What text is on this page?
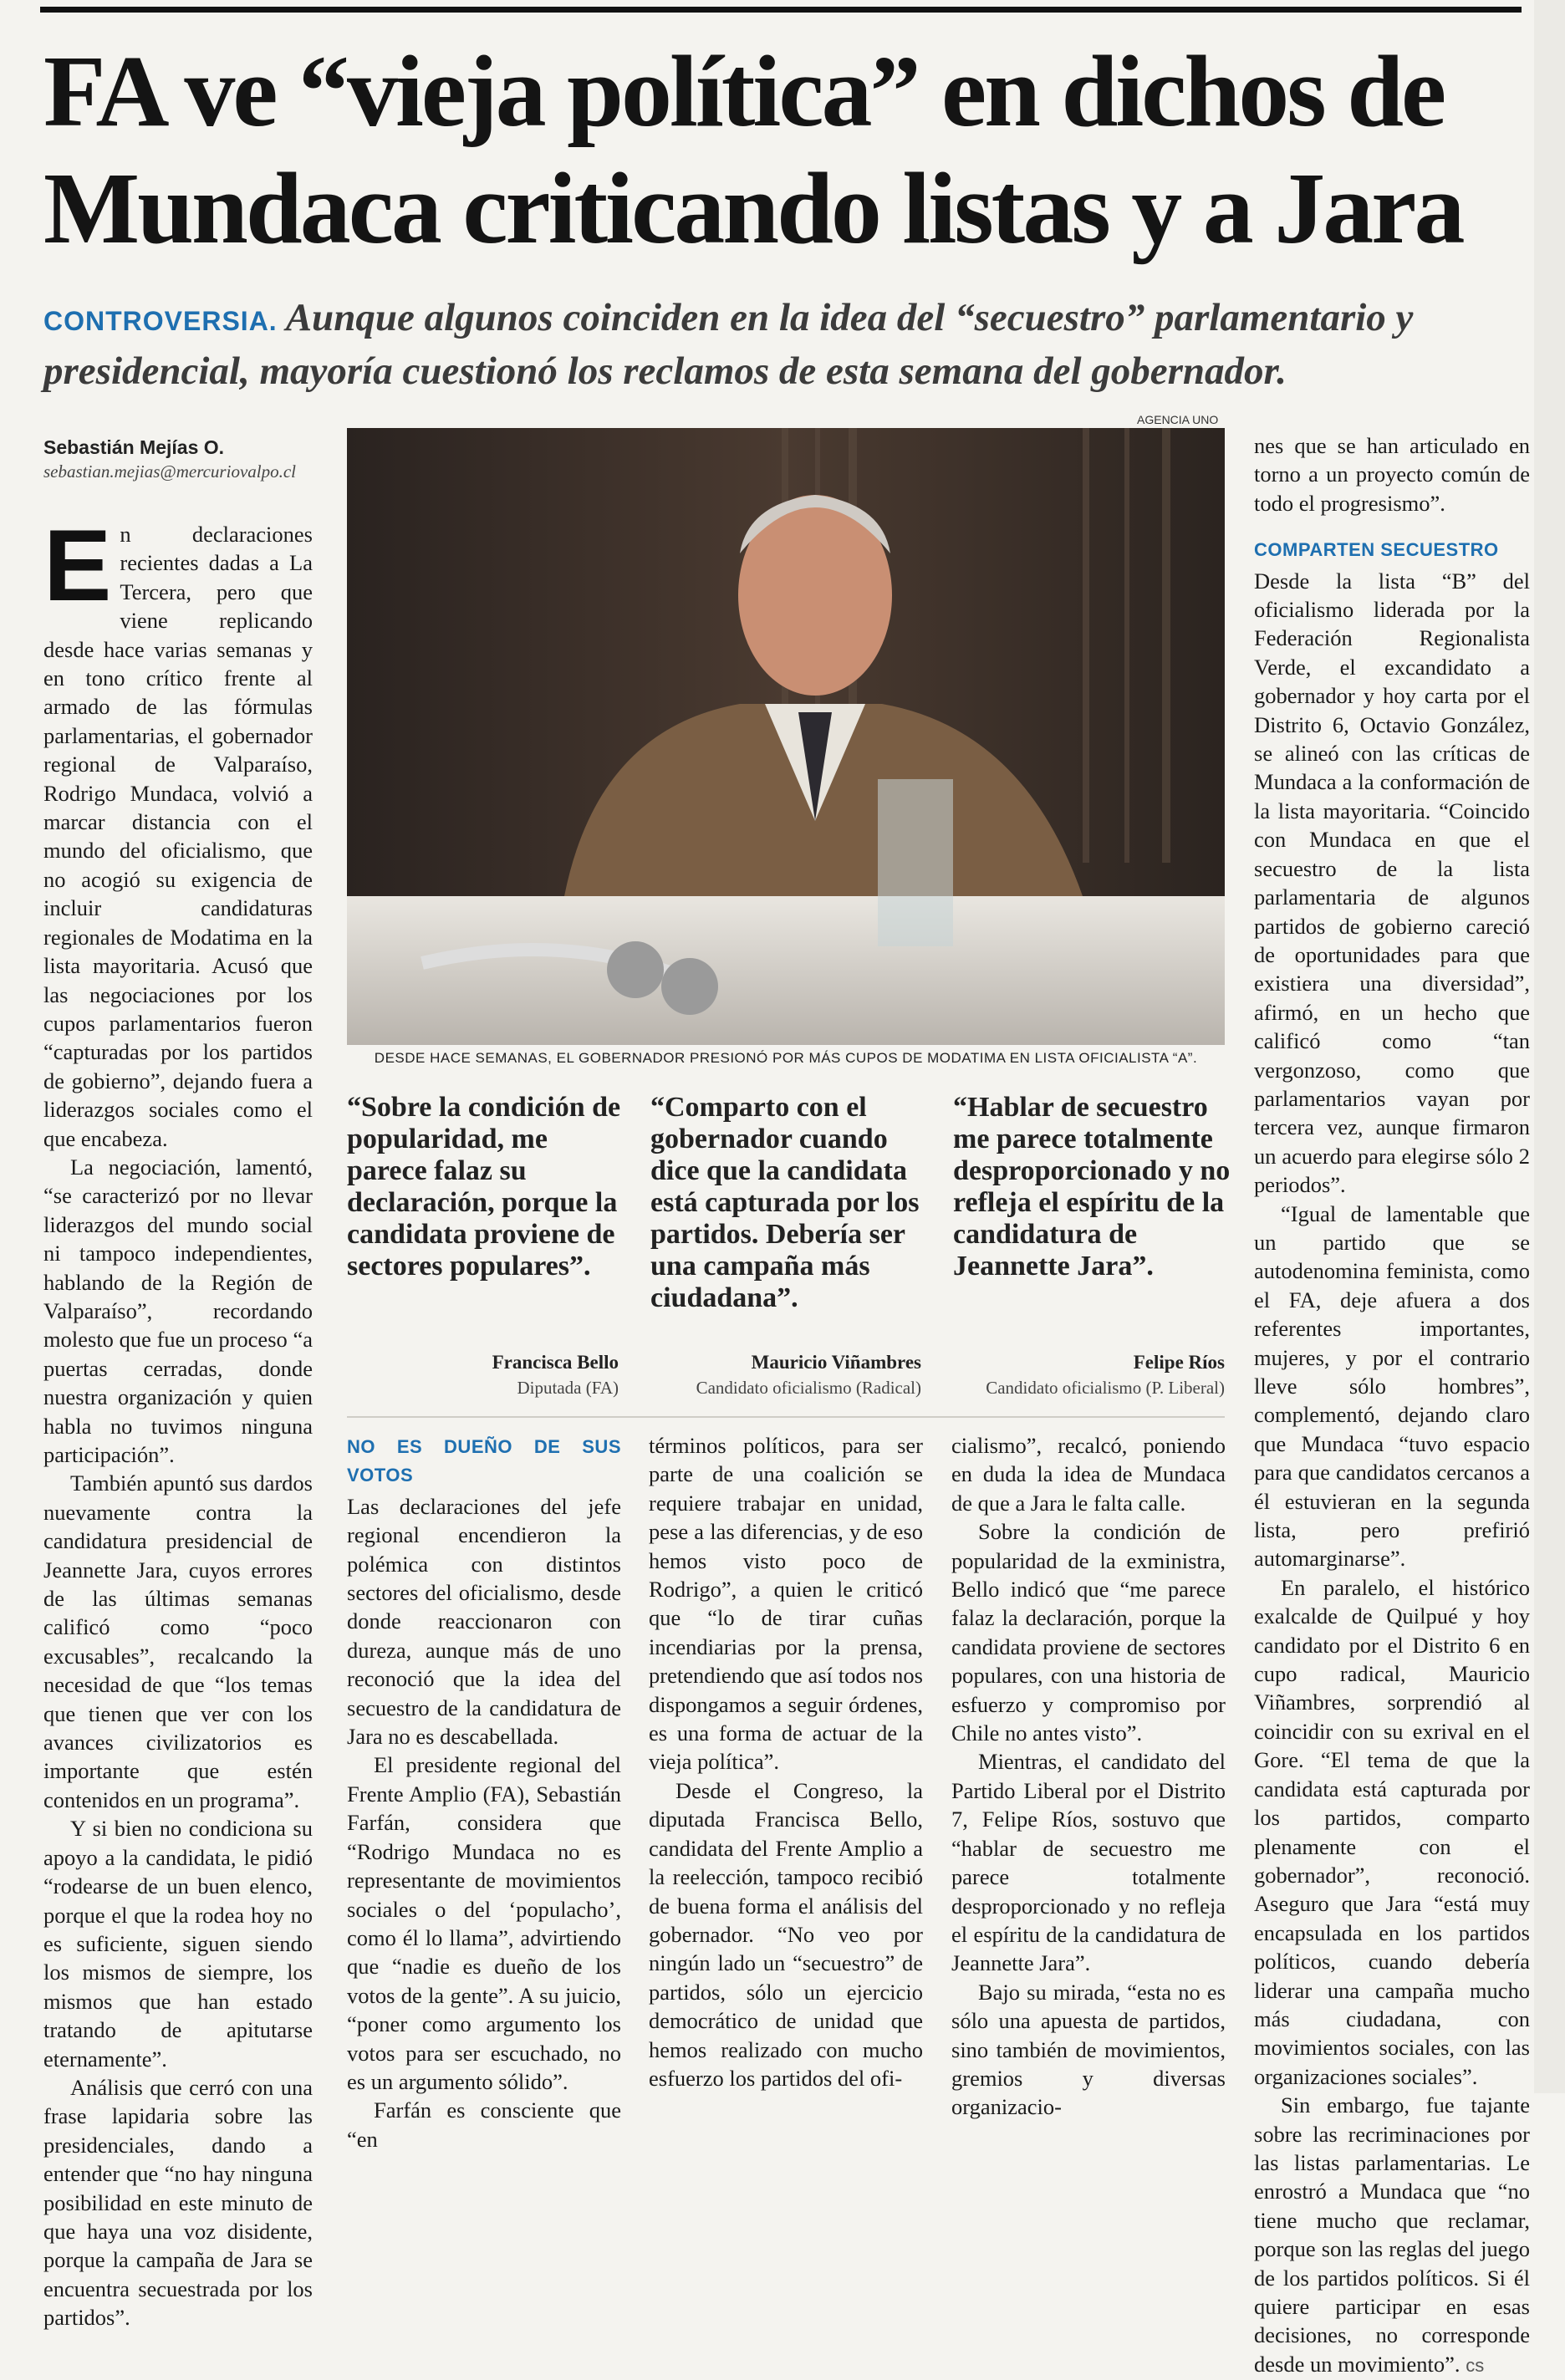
FA ve “vieja política” en dichos de Mundaca criticando listas y a Jara
CONTROVERSIA. Aunque algunos coinciden en la idea del “secuestro” parlamentario y presidencial, mayoría cuestionó los reclamos de esta semana del gobernador.
Sebastián Mejías O.
sebastian.mejias@mercuriovalpo.cl

En declaraciones recientes dadas a La Tercera, pero que viene replicando desde hace varias semanas y en tono crítico frente al armado de las fórmulas parlamentarias, el gobernador regional de Valparaíso, Rodrigo Mundaca, volvió a marcar distancia con el mundo del oficialismo, que no acogió su exigencia de incluir candidaturas regionales de Modatima en la lista mayoritaria. Acusó que las negociaciones por los cupos parlamentarios fueron “capturadas por los partidos de gobierno”, dejando fuera a liderazgos sociales como el que encabeza.

La negociación, lamentó, “se caracterizó por no llevar liderazgos del mundo social ni tampoco independientes, hablando de la Región de Valparaíso”, recordando molesto que fue un proceso “a puertas cerradas, donde nuestra organización y quien habla no tuvimos ninguna participación”.

También apuntó sus dardos nuevamente contra la candidatura presidencial de Jeannette Jara, cuyos errores de las últimas semanas calificó como “poco excusables”, recalcando la necesidad de que “los temas que tienen que ver con los avances civilizatorios es importante que estén contenidos en un programa”.

Y si bien no condiciona su apoyo a la candidata, le pidió “rodearse de un buen elenco, porque el que la rodea hoy no es suficiente, siguen siendo los mismos de siempre, los mismos que han estado tratando de apitutarse eternamente”.

Análisis que cerró con una frase lapidaria sobre las presidenciales, dando a entender que “no hay ninguna posibilidad en este minuto de que haya una voz disidente, porque la campaña de Jara se encuentra secuestrada por los partidos”.

AGENCIA UNO
DESDE HACE SEMANAS, EL GOBERNADOR PRESIONÓ POR MÁS CUPOS DE MODATIMA EN LISTA OFICIALISTA “A”.
“Sobre la condición de popularidad, me parece falaz su declaración, porque la candidata proviene de sectores populares”.
Francisca Bello
Diputada (FA)
“Comparto con el gobernador cuando dice que la candidata está capturada por los partidos. Debería ser una campaña más ciudadana”.
Mauricio Viñambres
Candidato oficialismo (Radical)
“Hablar de secuestro me parece totalmente desproporcionado y no refleja el espíritu de la candidatura de Jeannette Jara”.
Felipe Ríos
Candidato oficialismo (P. Liberal)
NO ES DUEÑO DE SUS VOTOS

Las declaraciones del jefe regional encendieron la polémica con distintos sectores del oficialismo, desde donde reaccionaron con dureza, aunque más de uno reconoció que la idea del secuestro de la candidatura de Jara no es descabellada.

El presidente regional del Frente Amplio (FA), Sebastián Farfán, considera que “Rodrigo Mundaca no es representante de movimientos sociales o del ‘populacho’, como él lo llama”, advirtiendo que “nadie es dueño de los votos de la gente”. A su juicio, “poner como argumento los votos para ser escuchado, no es un argumento sólido”.

Farfán es consciente que “en

términos políticos, para ser parte de una coalición se requiere trabajar en unidad, pese a las diferencias, y de eso hemos visto poco de Rodrigo”, a quien le criticó que “lo de tirar cuñas incendiarias por la prensa, pretendiendo que así todos nos dispongamos a seguir órdenes, es una forma de actuar de la vieja política”.

Desde el Congreso, la diputada Francisca Bello, candidata del Frente Amplio a la reelección, tampoco recibió de buena forma el análisis del gobernador. “No veo por ningún lado un “secuestro” de partidos, sólo un ejercicio democrático de unidad que hemos realizado con mucho esfuerzo los partidos del ofi-

cialismo”, recalcó, poniendo en duda la idea de Mundaca de que a Jara le falta calle.

Sobre la condición de popularidad de la exministra, Bello indicó que “me parece falaz la declaración, porque la candidata proviene de sectores populares, con una historia de esfuerzo y compromiso por Chile no antes visto”.

Mientras, el candidato del Partido Liberal por el Distrito 7, Felipe Ríos, sostuvo que “hablar de secuestro me parece totalmente desproporcionado y no refleja el espíritu de la candidatura de Jeannette Jara”.

Bajo su mirada, “esta no es sólo una apuesta de partidos, sino también de movimientos, gremios y diversas organizacio-

nes que se han articulado en torno a un proyecto común de todo el progresismo”.

COMPARTEN SECUESTRO

Desde la lista “B” del oficialismo liderada por la Federación Regionalista Verde, el excandidato a gobernador y hoy carta por el Distrito 6, Octavio González, se alineó con las críticas de Mundaca a la conformación de la lista mayoritaria. “Coincido con Mundaca en que el secuestro de la lista parlamentaria de algunos partidos de gobierno careció de oportunidades para que existiera una diversidad”, afirmó, en un hecho que calificó como “tan vergonzoso, como que parlamentarios vayan por tercera vez, aunque firmaron un acuerdo para elegirse sólo 2 periodos”.

“Igual de lamentable que un partido que se autodenomina feminista, como el FA, deje afuera a dos referentes importantes, mujeres, y por el contrario lleve sólo hombres”, complementó, dejando claro que Mundaca “tuvo espacio para que candidatos cercanos a él estuvieran en la segunda lista, pero prefirió automarginarse”.

En paralelo, el histórico exalcalde de Quilpué y hoy candidato por el Distrito 6 en cupo radical, Mauricio Viñambres, sorprendió al coincidir con su exrival en el Gore. “El tema de que la candidata está capturada por los partidos, comparto plenamente con el gobernador”, reconoció. Aseguro que Jara “está muy encapsulada en los partidos políticos, cuando debería liderar una campaña mucho más ciudadana, con movimientos sociales, con las organizaciones sociales”.

Sin embargo, fue tajante sobre las recriminaciones por las listas parlamentarias. Le enrostró a Mundaca que “no tiene mucho que reclamar, porque son las reglas del juego de los partidos políticos. Si él quiere participar en esas decisiones, no corresponde desde un movimiento”. cs
